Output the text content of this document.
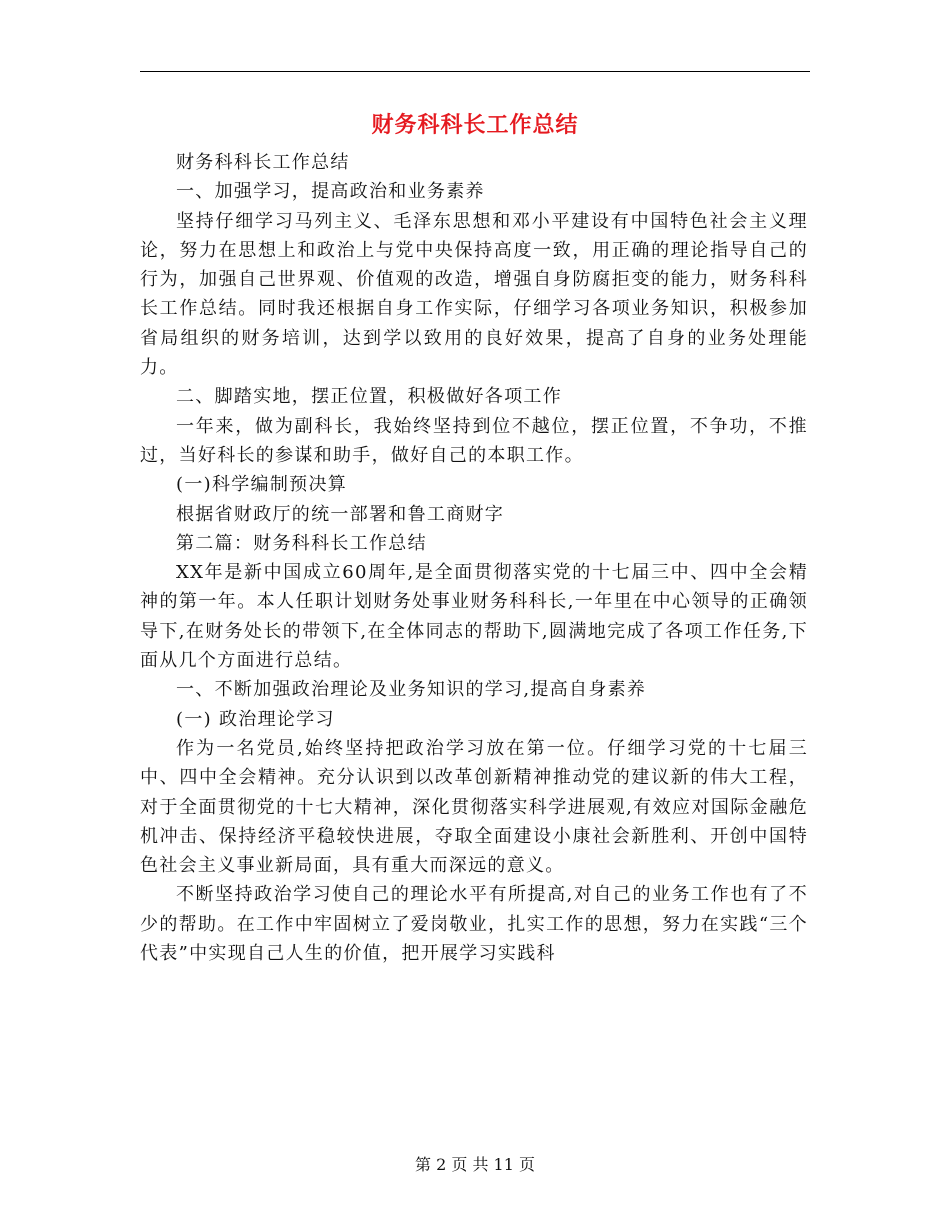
财务科科长工作总结

财务科科长工作总结

一、加强学习，提高政治和业务素养

坚持仔细学习马列主义、毛泽东思想和邓小平建设有中国特色社会主义理论，努力在思想上和政治上与党中央保持高度一致，用正确的理论指导自己的行为，加强自己世界观、价值观的改造，增强自身防腐拒变的能力，财务科科长工作总结。同时我还根据自身工作实际，仔细学习各项业务知识，积极参加省局组织的财务培训，达到学以致用的良好效果，提高了自身的业务处理能力。

二、脚踏实地，摆正位置，积极做好各项工作

一年来，做为副科长，我始终坚持到位不越位，摆正位置，不争功，不推过，当好科长的参谋和助手，做好自己的本职工作。

(一)科学编制预决算

根据省财政厅的统一部署和鲁工商财字

第二篇：财务科科长工作总结

XX年是新中国成立60周年,是全面贯彻落实党的十七届三中、四中全会精神的第一年。本人任职计划财务处事业财务科科长,一年里在中心领导的正确领导下,在财务处长的带领下,在全体同志的帮助下,圆满地完成了各项工作任务,下面从几个方面进行总结。

一、不断加强政治理论及业务知识的学习,提高自身素养

(一) 政治理论学习

作为一名党员,始终坚持把政治学习放在第一位。仔细学习党的十七届三中、四中全会精神。充分认识到以改革创新精神推动党的建议新的伟大工程，对于全面贯彻党的十七大精神，深化贯彻落实科学进展观,有效应对国际金融危机冲击、保持经济平稳较快进展，夺取全面建设小康社会新胜利、开创中国特色社会主义事业新局面，具有重大而深远的意义。

不断坚持政治学习使自己的理论水平有所提高,对自己的业务工作也有了不少的帮助。在工作中牢固树立了爱岗敬业，扎实工作的思想，努力在实践“三个代表”中实现自己人生的价值，把开展学习实践科

第 2 页 共 11 页
